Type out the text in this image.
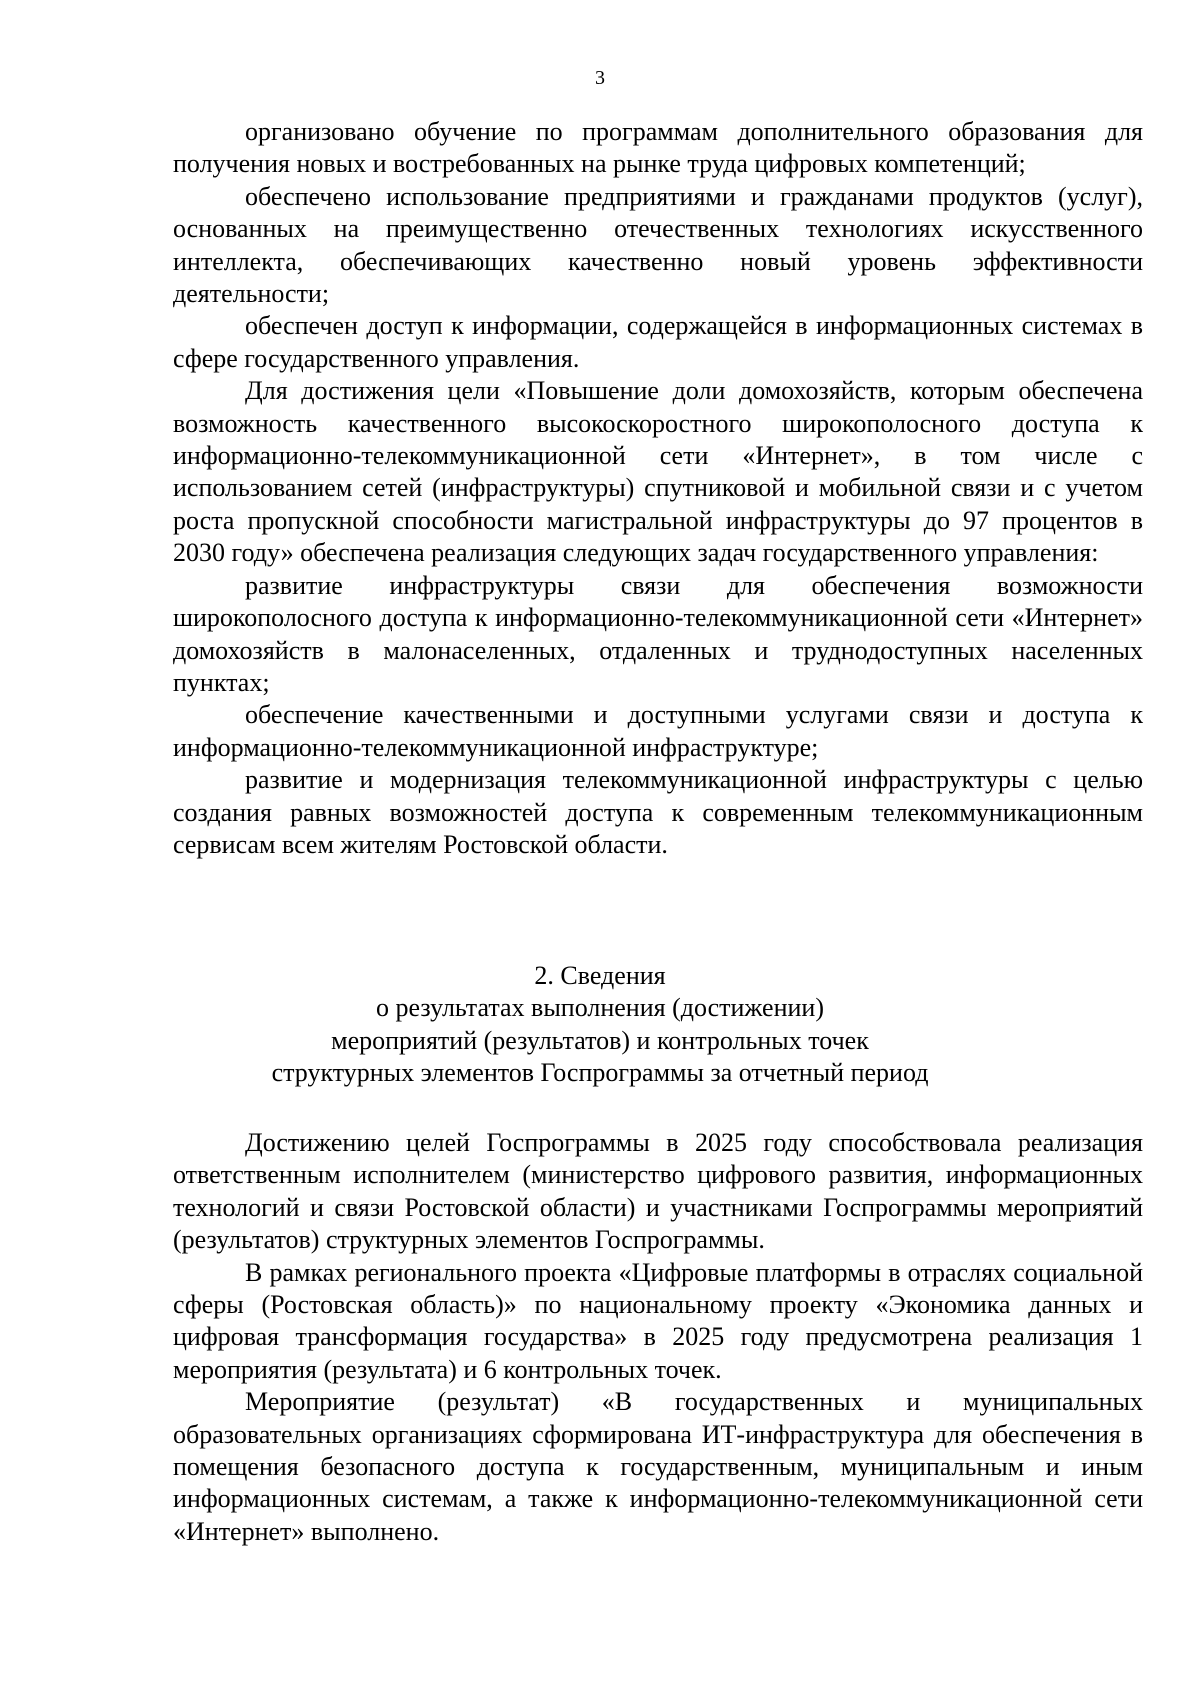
3

организовано обучение по программам дополнительного образования для получения новых и востребованных на рынке труда цифровых компетенций;

обеспечено использование предприятиями и гражданами продуктов (услуг), основанных на преимущественно отечественных технологиях искусственного интеллекта, обеспечивающих качественно новый уровень эффективности деятельности;

обеспечен доступ к информации, содержащейся в информационных системах в сфере государственного управления.

Для достижения цели «Повышение доли домохозяйств, которым обеспечена возможность качественного высокоскоростного широкополосного доступа к информационно-телекоммуникационной сети «Интернет», в том числе с использованием сетей (инфраструктуры) спутниковой и мобильной связи и с учетом роста пропускной способности магистральной инфраструктуры до 97 процентов в 2030 году» обеспечена реализация следующих задач государственного управления:

развитие инфраструктуры связи для обеспечения возможности широкополосного доступа к информационно-телекоммуникационной сети «Интернет» домохозяйств в малонаселенных, отдаленных и труднодоступных населенных пунктах;

обеспечение качественными и доступными услугами связи и доступа к информационно-телекоммуникационной инфраструктуре;

развитие и модернизация телекоммуникационной инфраструктуры с целью создания равных возможностей доступа к современным телекоммуникационным сервисам всем жителям Ростовской области.

2. Сведения
о результатах выполнения (достижении)
мероприятий (результатов) и контрольных точек
структурных элементов Госпрограммы за отчетный период

Достижению целей Госпрограммы в 2025 году способствовала реализация ответственным исполнителем (министерство цифрового развития, информационных технологий и связи Ростовской области) и участниками Госпрограммы мероприятий (результатов) структурных элементов Госпрограммы.

В рамках регионального проекта «Цифровые платформы в отраслях социальной сферы (Ростовская область)» по национальному проекту «Экономика данных и цифровая трансформация государства» в 2025 году предусмотрена реализация 1 мероприятия (результата) и 6 контрольных точек.

Мероприятие (результат) «В государственных и муниципальных образовательных организациях сформирована ИТ-инфраструктура для обеспечения в помещения безопасного доступа к государственным, муниципальным и иным информационных системам, а также к информационно-телекоммуникационной сети «Интернет» выполнено.
